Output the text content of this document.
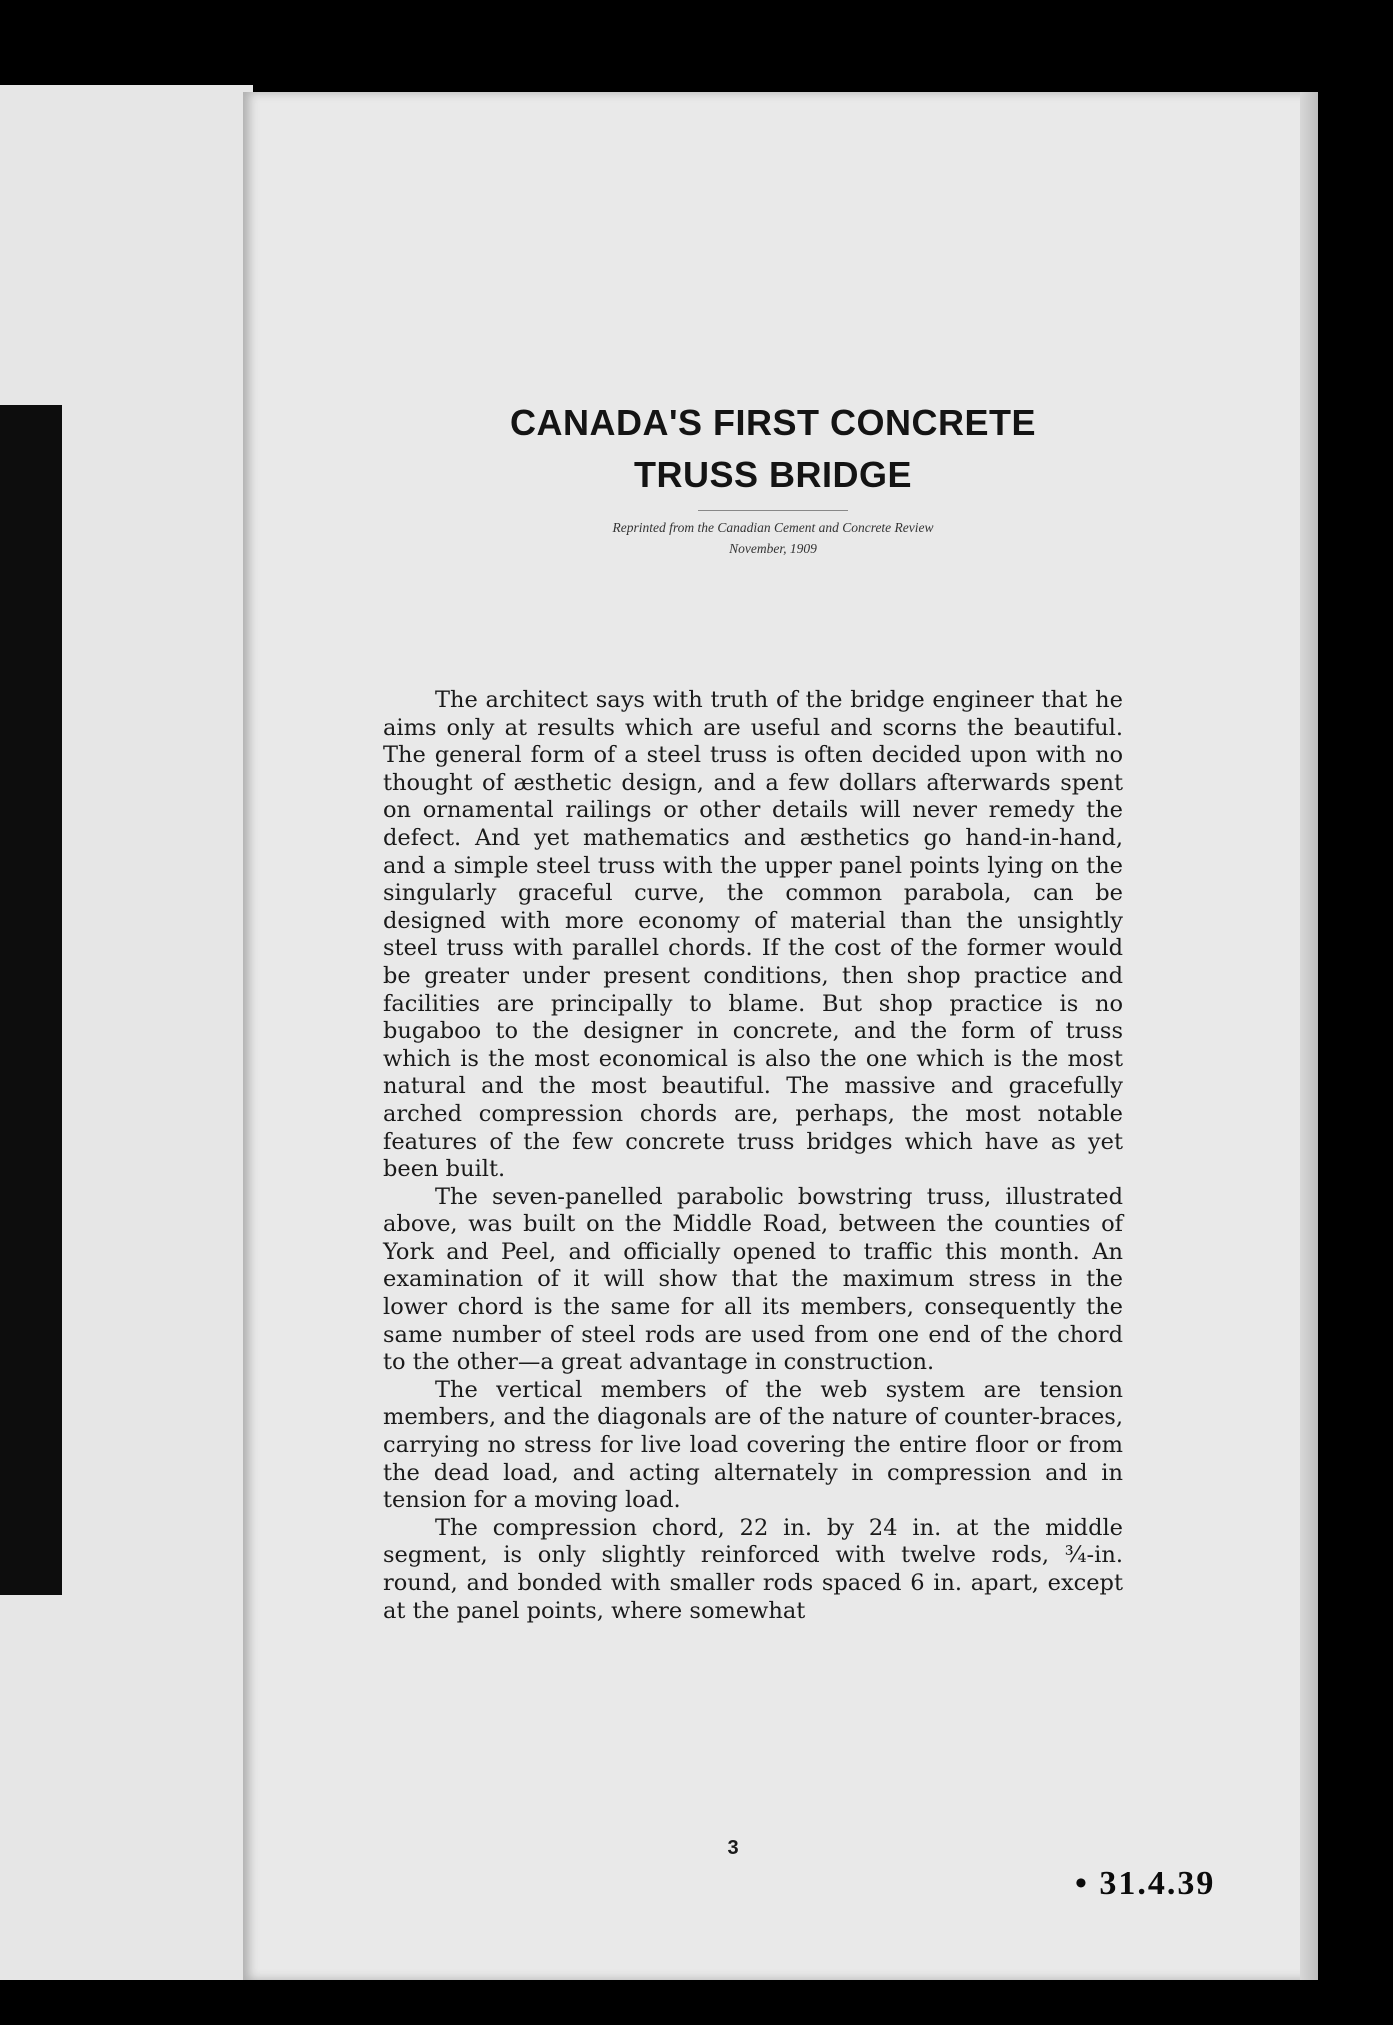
CANADA'S FIRST CONCRETE
TRUSS BRIDGE
Reprinted from the Canadian Cement and Concrete Review
November, 1909

The architect says with truth of the bridge engineer that he aims only at results which are useful and scorns the beautiful. The general form of a steel truss is often decided upon with no thought of æsthetic design, and a few dollars afterwards spent on ornamental railings or other details will never remedy the defect. And yet mathematics and æsthetics go hand-in-hand, and a simple steel truss with the upper panel points lying on the singularly graceful curve, the common parabola, can be designed with more economy of material than the unsightly steel truss with parallel chords. If the cost of the former would be greater under present conditions, then shop practice and facilities are principally to blame. But shop practice is no bugaboo to the designer in concrete, and the form of truss which is the most economical is also the one which is the most natural and the most beautiful. The massive and gracefully arched compression chords are, perhaps, the most notable features of the few concrete truss bridges which have as yet been built.

The seven-panelled parabolic bowstring truss, illustrated above, was built on the Middle Road, between the counties of York and Peel, and officially opened to traffic this month. An examination of it will show that the maximum stress in the lower chord is the same for all its members, consequently the same number of steel rods are used from one end of the chord to the other—a great advantage in construction.

The vertical members of the web system are tension members, and the diagonals are of the nature of counter-braces, carrying no stress for live load covering the entire floor or from the dead load, and acting alternately in compression and in tension for a moving load.

The compression chord, 22 in. by 24 in. at the middle segment, is only slightly reinforced with twelve rods, ¾-in. round, and bonded with smaller rods spaced 6 in. apart, except at the panel points, where somewhat

3
• 31.4.39
